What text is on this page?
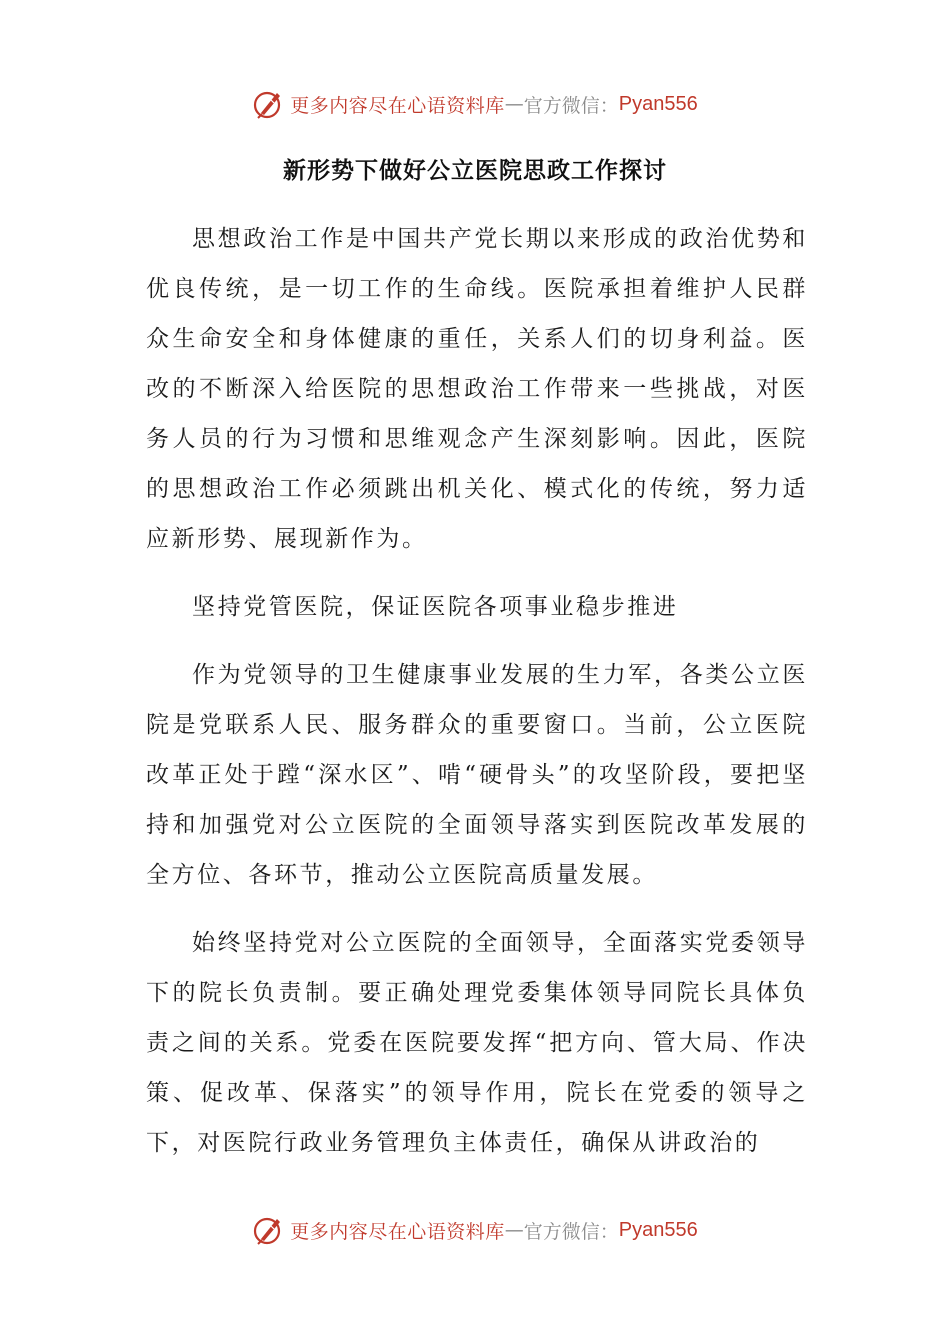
更多内容尽在心语资料库 — 官方微信： Pyan556
新形势下做好公立医院思政工作探讨

思想政治工作是中国共产党长期以来形成的政治优势和优良传统，是一切工作的生命线。医院承担着维护人民群众生命安全和身体健康的重任，关系人们的切身利益。医改的不断深入给医院的思想政治工作带来一些挑战，对医务人员的行为习惯和思维观念产生深刻影响。因此，医院的思想政治工作必须跳出机关化、模式化的传统，努力适应新形势、展现新作为。

坚持党管医院，保证医院各项事业稳步推进

作为党领导的卫生健康事业发展的生力军，各类公立医院是党联系人民、服务群众的重要窗口。当前，公立医院改革正处于蹚“深水区”、啃“硬骨头”的攻坚阶段，要把坚持和加强党对公立医院的全面领导落实到医院改革发展的全方位、各环节，推动公立医院高质量发展。

始终坚持党对公立医院的全面领导，全面落实党委领导下的院长负责制。要正确处理党委集体领导同院长具体负责之间的关系。党委在医院要发挥“把方向、管大局、作决策、促改革、保落实”的领导作用，院长在党委的领导之下，对医院行政业务管理负主体责任，确保从讲政治的

更多内容尽在心语资料库 — 官方微信： Pyan556
